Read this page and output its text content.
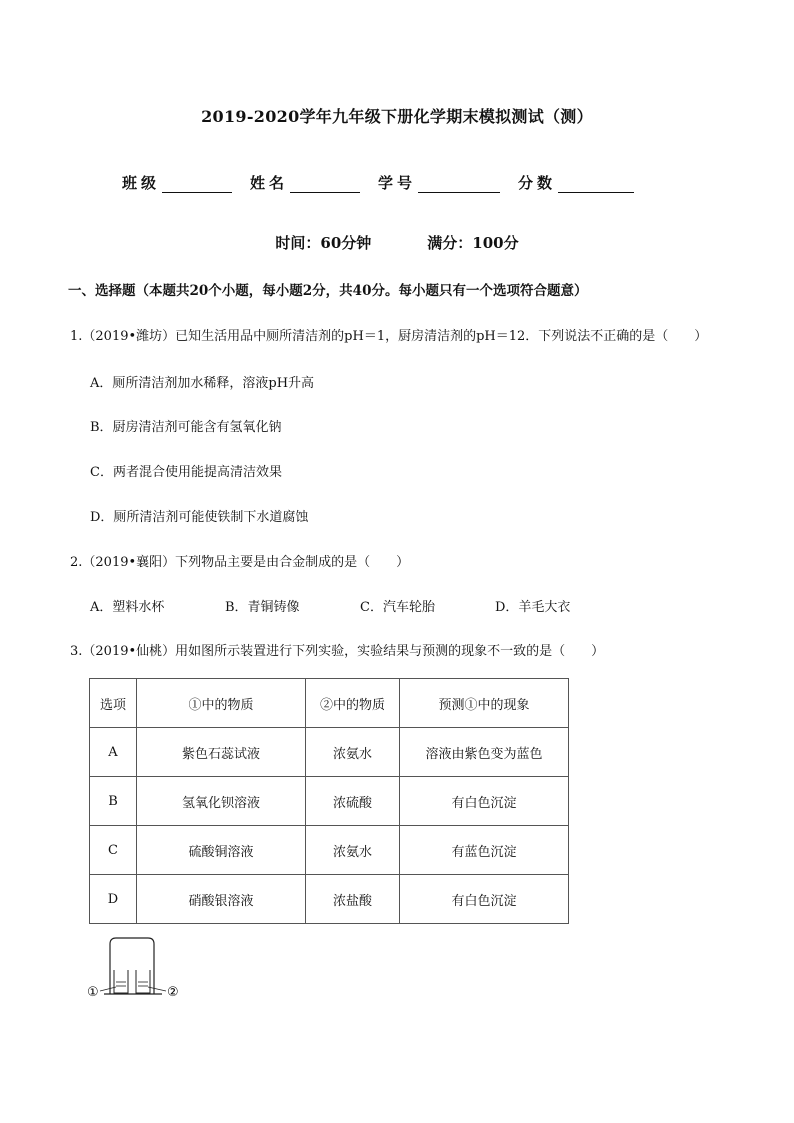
2019-2020学年九年级下册化学期末模拟测试（测）
班级	姓名	学号	分数
时间：60分钟	满分：100分
一、选择题（本题共20个小题，每小题2分，共40分。每小题只有一个选项符合题意）
1.（2019•潍坊）已知生活用品中厕所清洁剂的pH＝1，厨房清洁剂的pH＝12．下列说法不正确的是（　　）
A．厕所清洁剂加水稀释，溶液pH升高
B．厨房清洁剂可能含有氢氧化钠
C．两者混合使用能提高清洁效果
D．厕所清洁剂可能使铁制下水道腐蚀
2.（2019•襄阳）下列物品主要是由合金制成的是（　　）
A．塑料水杯	B．青铜铸像	C．汽车轮胎	D．羊毛大衣
3.（2019•仙桃）用如图所示装置进行下列实验，实验结果与预测的现象不一致的是（　　）
选项	①中的物质	②中的物质	预测①中的现象
A	紫色石蕊试液	浓氨水	溶液由紫色变为蓝色
B	氢氧化钡溶液	浓硫酸	有白色沉淀
C	硫酸铜溶液	浓氨水	有蓝色沉淀
D	硝酸银溶液	浓盐酸	有白色沉淀
①	②
